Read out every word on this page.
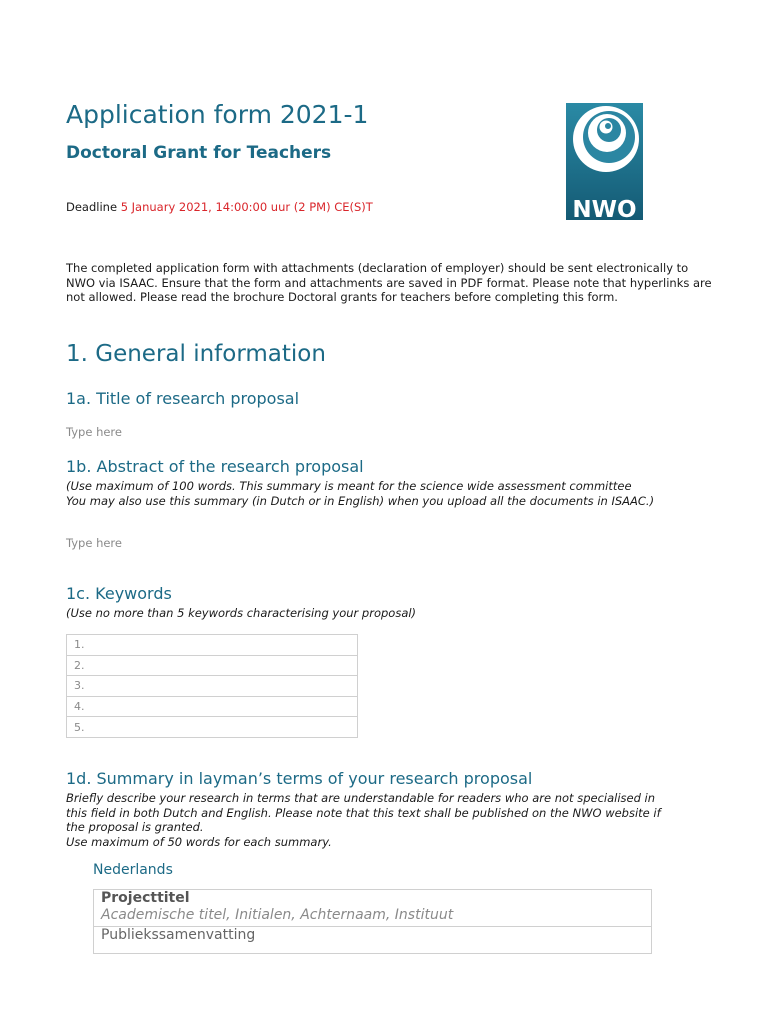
Application form 2021-1
Doctoral Grant for Teachers
Deadline 5 January 2021, 14:00:00 uur (2 PM) CE(S)T	NWO

The completed application form with attachments (declaration of employer) should be sent electronically to NWO via ISAAC. Ensure that the form and attachments are saved in PDF format. Please note that hyperlinks are not allowed. Please read the brochure Doctoral grants for teachers before completing this form.

1. General information
1a. Title of research proposal
Type here
1b. Abstract of the research proposal
(Use maximum of 100 words. This summary is meant for the science wide assessment committee
You may also use this summary (in Dutch or in English) when you upload all the documents in ISAAC.)
Type here
1c. Keywords
(Use no more than 5 keywords characterising your proposal)
1.
2.
3.
4.
5.
1d. Summary in layman’s terms of your research proposal
Briefly describe your research in terms that are understandable for readers who are not specialised in
this field in both Dutch and English. Please note that this text shall be published on the NWO website if
the proposal is granted.
Use maximum of 50 words for each summary.
Nederlands
Projecttitel
Academische titel, Initialen, Achternaam, Instituut

Publiekssamenvatting
